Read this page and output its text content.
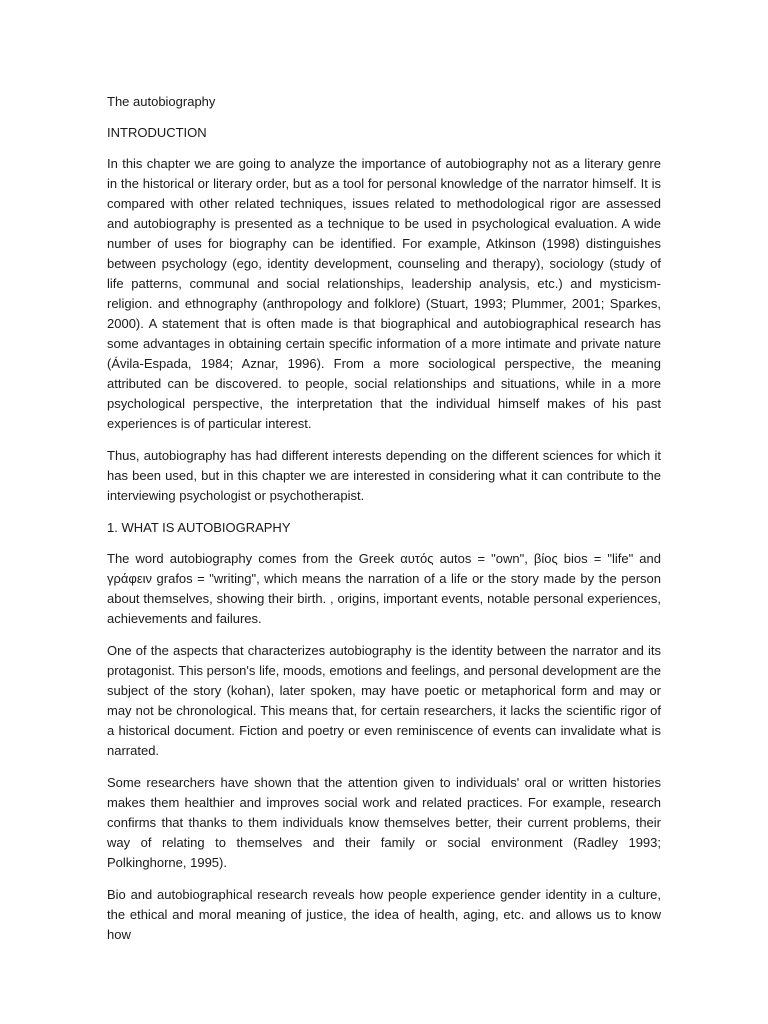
The autobiography
INTRODUCTION

In this chapter we are going to analyze the importance of autobiography not as a literary genre in the historical or literary order, but as a tool for personal knowledge of the narrator himself. It is compared with other related techniques, issues related to methodological rigor are assessed and autobiography is presented as a technique to be used in psychological evaluation. A wide number of uses for biography can be identified. For example, Atkinson (1998) distinguishes between psychology (ego, identity development, counseling and therapy), sociology (study of life patterns, communal and social relationships, leadership analysis, etc.) and mysticism-religion. and ethnography (anthropology and folklore) (Stuart, 1993; Plummer, 2001; Sparkes, 2000). A statement that is often made is that biographical and autobiographical research has some advantages in obtaining certain specific information of a more intimate and private nature (Ávila-Espada, 1984; Aznar, 1996). From a more sociological perspective, the meaning attributed can be discovered. to people, social relationships and situations, while in a more psychological perspective, the interpretation that the individual himself makes of his past experiences is of particular interest.

Thus, autobiography has had different interests depending on the different sciences for which it has been used, but in this chapter we are interested in considering what it can contribute to the interviewing psychologist or psychotherapist.

1. WHAT IS AUTOBIOGRAPHY

The word autobiography comes from the Greek αυτός autos = "own", βίος bios = "life" and γράφειν grafos = "writing", which means the narration of a life or the story made by the person about themselves, showing their birth. , origins, important events, notable personal experiences, achievements and failures.

One of the aspects that characterizes autobiography is the identity between the narrator and its protagonist. This person's life, moods, emotions and feelings, and personal development are the subject of the story (kohan), later spoken, may have poetic or metaphorical form and may or may not be chronological. This means that, for certain researchers, it lacks the scientific rigor of a historical document. Fiction and poetry or even reminiscence of events can invalidate what is narrated.

Some researchers have shown that the attention given to individuals' oral or written histories makes them healthier and improves social work and related practices. For example, research confirms that thanks to them individuals know themselves better, their current problems, their way of relating to themselves and their family or social environment (Radley 1993; Polkinghorne, 1995).

Bio and autobiographical research reveals how people experience gender identity in a culture, the ethical and moral meaning of justice, the idea of health, aging, etc. and allows us to know how
